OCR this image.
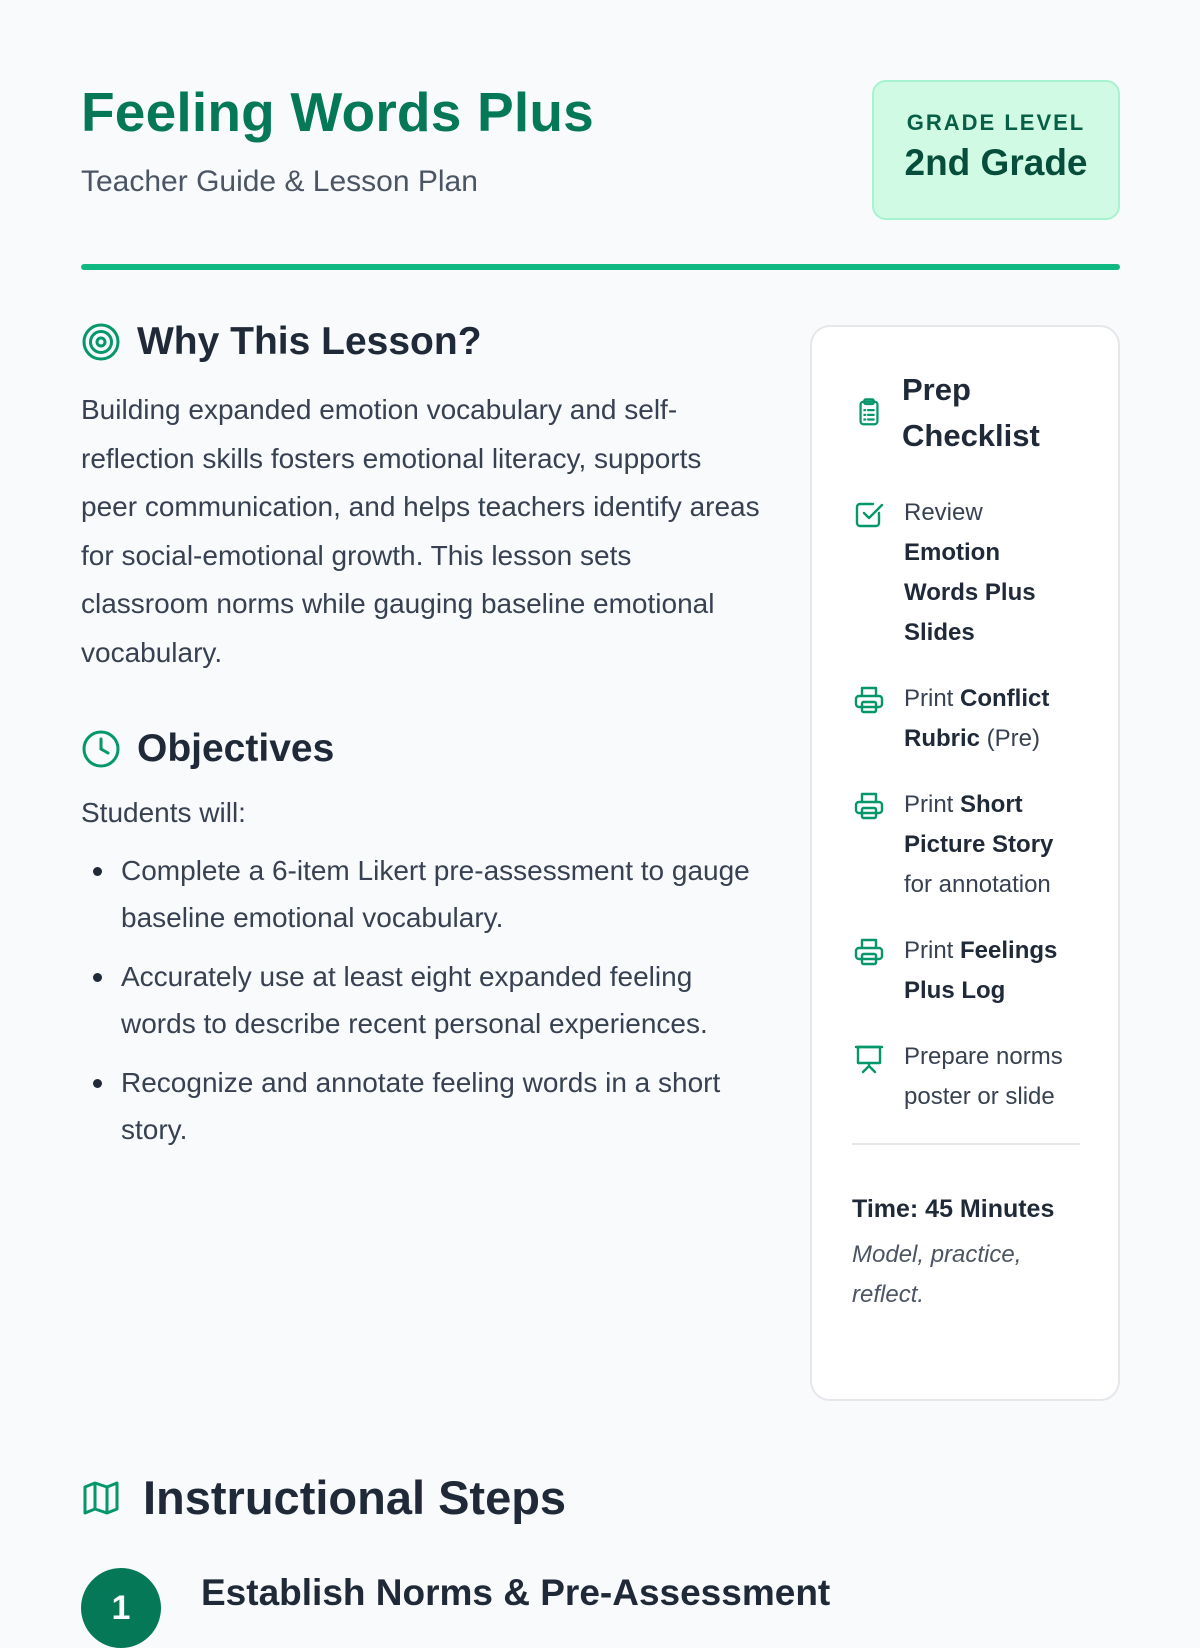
Feeling Words Plus

Teacher Guide & Lesson Plan

GRADE LEVEL
2nd Grade
Why This Lesson?

Building expanded emotion vocabulary and self-reflection skills fosters emotional literacy, supports peer communication, and helps teachers identify areas for social-emotional growth. This lesson sets classroom norms while gauging baseline emotional vocabulary.

Objectives

Students will:

Complete a 6-item Likert pre-assessment to gauge baseline emotional vocabulary.
Accurately use at least eight expanded feeling words to describe recent personal experiences.
Recognize and annotate feeling words in a short story.
Prep Checklist
Review Emotion Words Plus Slides
Print Conflict Rubric (Pre)
Print Short Picture Story for annotation
Print Feelings Plus Log
Prepare norms poster or slide
Time: 45 Minutes
Model, practice, reflect.
Instructional Steps
1	Establish Norms & Pre-Assessment
